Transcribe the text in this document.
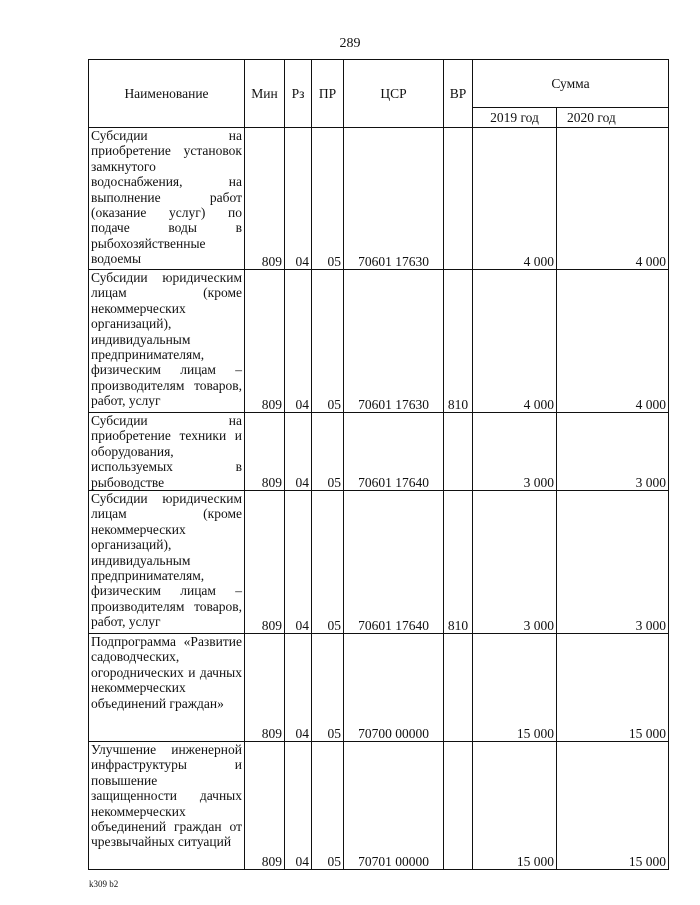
289
Наименование	Мин	Рз	ПР	ЦСР	ВР	Сумма	
						2019 год	2020 год
Субсидии на приобретение установок замкнутого водоснабжения, на выполнение работ (оказание услуг) по подаче воды в рыбохозяйственные водоемы	809	04	05	70601 17630		4 000	4 000
Субсидии юридическим лицам (кроме некоммерческих организаций), индивидуальным предпринимателям, физическим лицам – производителям товаров, работ, услуг	809	04	05	70601 17630	810	4 000	4 000
Субсидии на приобретение техники и оборудования, используемых в рыбоводстве	809	04	05	70601 17640		3 000	3 000
Субсидии юридическим лицам (кроме некоммерческих организаций), индивидуальным предпринимателям, физическим лицам – производителям товаров, работ, услуг	809	04	05	70601 17640	810	3 000	3 000
Подпрограмма «Развитие садоводческих, огороднических и дачных некоммерческих объединений граждан»	809	04	05	70700 00000		15 000	15 000
Улучшение инженерной инфраструктуры и повышение защищенности дачных некоммерческих объединений граждан от чрезвычайных ситуаций	809	04	05	70701 00000		15 000	15 000
k309 b2
